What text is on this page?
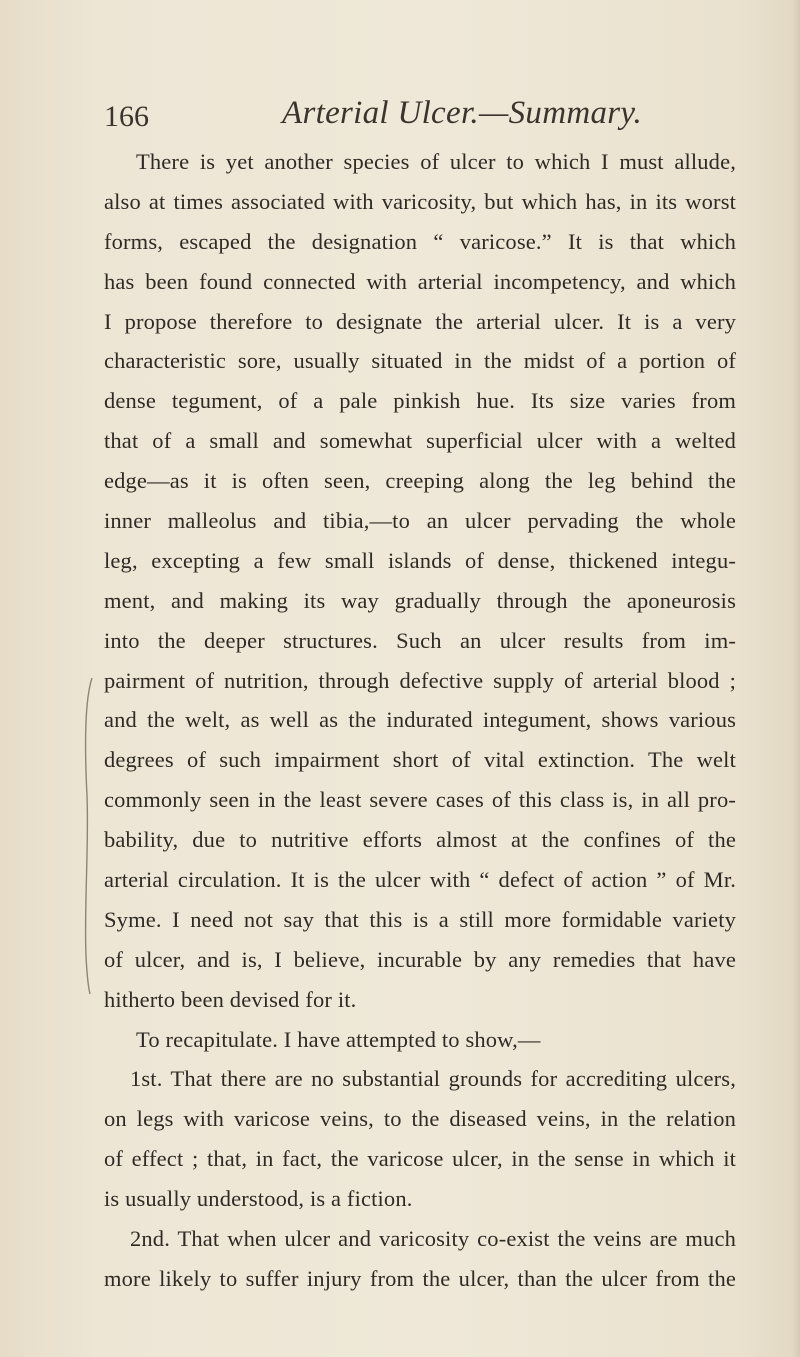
166	Arterial Ulcer.—Summary.
There is yet another species of ulcer to which I must allude,
also at times associated with varicosity, but which has, in its worst
forms, escaped the designation “ varicose.” It is that which
has been found connected with arterial incompetency, and which
I propose therefore to designate the arterial ulcer. It is a very
characteristic sore, usually situated in the midst of a portion of
dense tegument, of a pale pinkish hue. Its size varies from
that of a small and somewhat superficial ulcer with a welted
edge—as it is often seen, creeping along the leg behind the
inner malleolus and tibia,—to an ulcer pervading the whole
leg, excepting a few small islands of dense, thickened integu-
ment, and making its way gradually through the aponeurosis
into the deeper structures. Such an ulcer results from im-
pairment of nutrition, through defective supply of arterial blood ;
and the welt, as well as the indurated integument, shows various
degrees of such impairment short of vital extinction. The welt
commonly seen in the least severe cases of this class is, in all pro-
bability, due to nutritive efforts almost at the confines of the
arterial circulation. It is the ulcer with “ defect of action ” of Mr.
Syme. I need not say that this is a still more formidable variety
of ulcer, and is, I believe, incurable by any remedies that have
hitherto been devised for it.
To recapitulate. I have attempted to show,—
1st. That there are no substantial grounds for accrediting ulcers,
on legs with varicose veins, to the diseased veins, in the relation
of effect ; that, in fact, the varicose ulcer, in the sense in which it
is usually understood, is a fiction.
2nd. That when ulcer and varicosity co-exist the veins are much
more likely to suffer injury from the ulcer, than the ulcer from the
